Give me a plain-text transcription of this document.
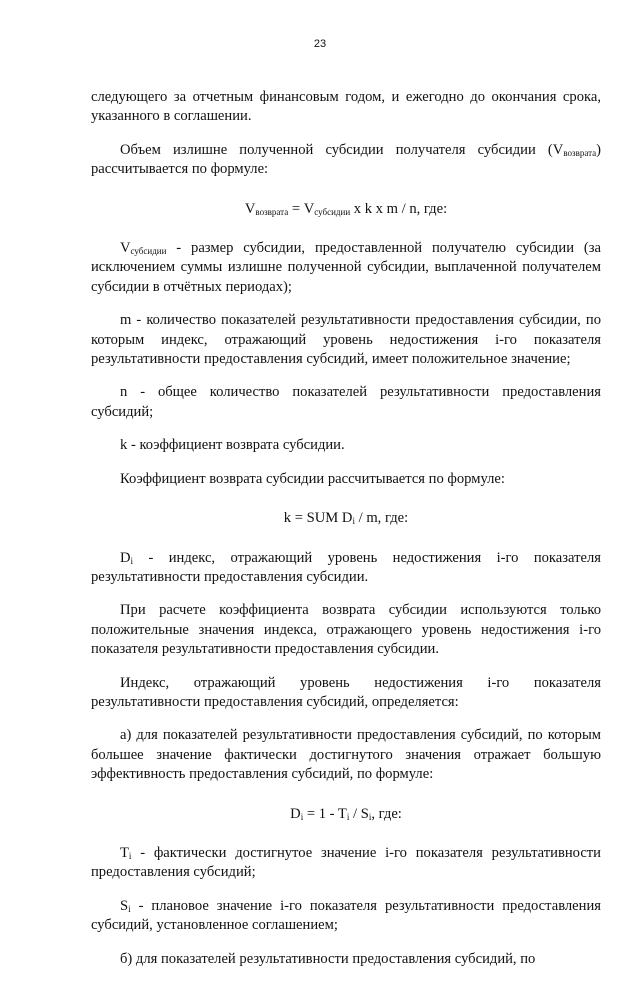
23

следующего за отчетным финансовым годом, и ежегодно до окончания срока, указанного в соглашении.

Объем излишне полученной субсидии получателя субсидии $(V_{возврата})$ рассчитывается по формуле:

$V_{возврата} = V_{субсидии}$ x k x m / n, где:

$V_{субсидии}$ - размер субсидии, предоставленной получателю субсидии (за исключением суммы излишне полученной субсидии, выплаченной получателем субсидии в отчётных периодах);

m - количество показателей результативности предоставления субсидии, по которым индекс, отражающий уровень недостижения i-го показателя результативности предоставления субсидий, имеет положительное значение;

n - общее количество показателей результативности предоставления субсидий;

k - коэффициент возврата субсидии.

Коэффициент возврата субсидии рассчитывается по формуле:

k = SUM $D_i$ / m, где:

$D_i$ - индекс, отражающий уровень недостижения i-го показателя результативности предоставления субсидии.

При расчете коэффициента возврата субсидии используются только положительные значения индекса, отражающего уровень недостижения i-го показателя результативности предоставления субсидии.

Индекс, отражающий уровень недостижения i-го показателя результативности предоставления субсидий, определяется:

а) для показателей результативности предоставления субсидий, по которым большее значение фактически достигнутого значения отражает большую эффективность предоставления субсидий, по формуле:

$D_i = 1 - T_i / S_i$, где:

$T_i$ - фактически достигнутое значение i-го показателя результативности предоставления субсидий;

$S_i$ - плановое значение i-го показателя результативности предоставления субсидий, установленное соглашением;

б) для показателей результативности предоставления субсидий, по
